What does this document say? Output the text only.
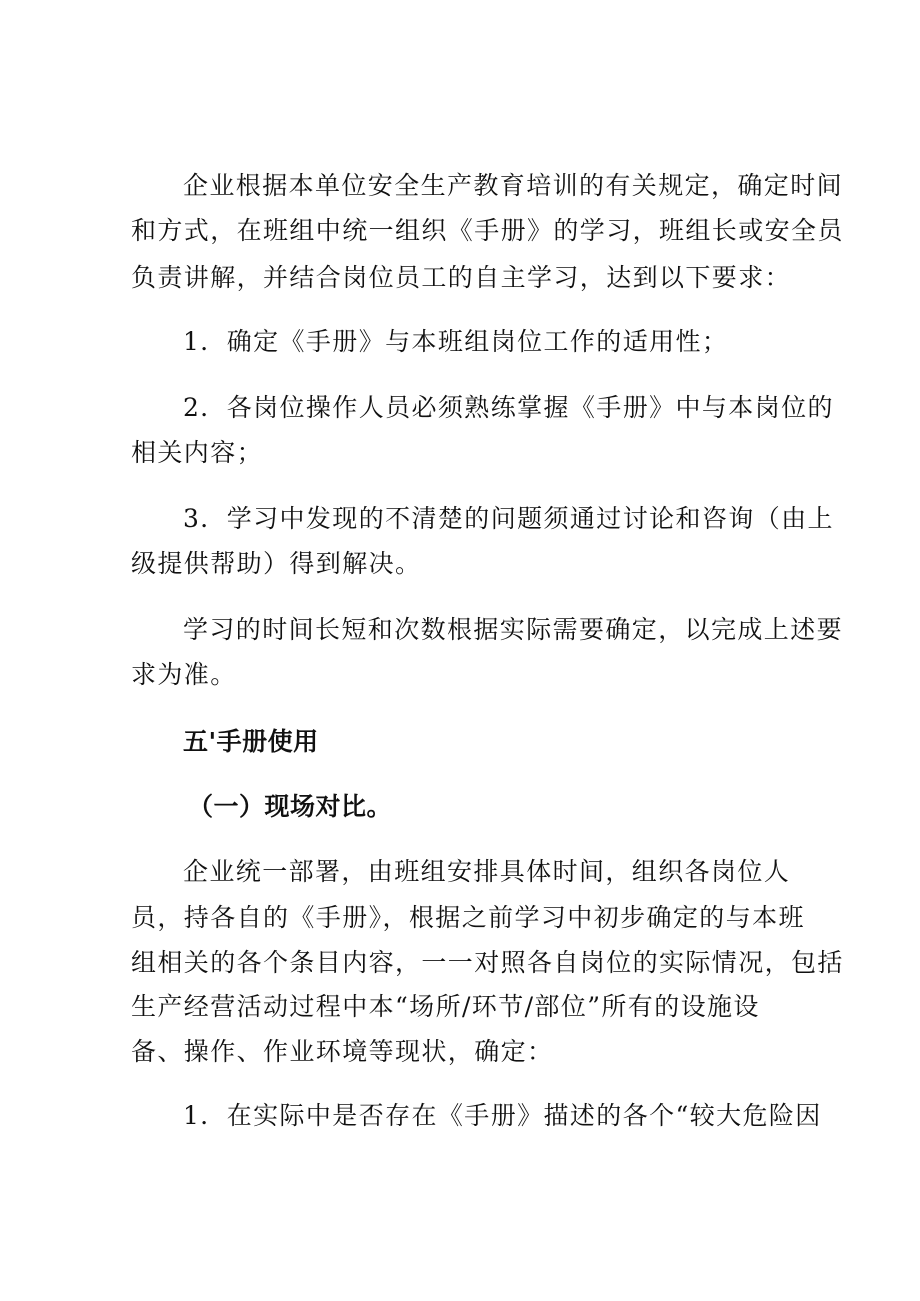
企业根据本单位安全生产教育培训的有关规定，确定时间
和方式，在班组中统一组织《手册》的学习，班组长或安全员
负责讲解，并结合岗位员工的自主学习，达到以下要求：
1．确定《手册》与本班组岗位工作的适用性；
2．各岗位操作人员必须熟练掌握《手册》中与本岗位的
相关内容；
3．学习中发现的不清楚的问题须通过讨论和咨询（由上
级提供帮助）得到解决。
学习的时间长短和次数根据实际需要确定，以完成上述要
求为准。
五'手册使用
（一）现场对比。
企业统一部署，由班组安排具体时间，组织各岗位人
员，持各自的《手册》，根据之前学习中初步确定的与本班
组相关的各个条目内容，一一对照各自岗位的实际情况，包括
生产经营活动过程中本“场所/环节/部位”所有的设施设
备、操作、作业环境等现状，确定：
1．在实际中是否存在《手册》描述的各个“较大危险因
